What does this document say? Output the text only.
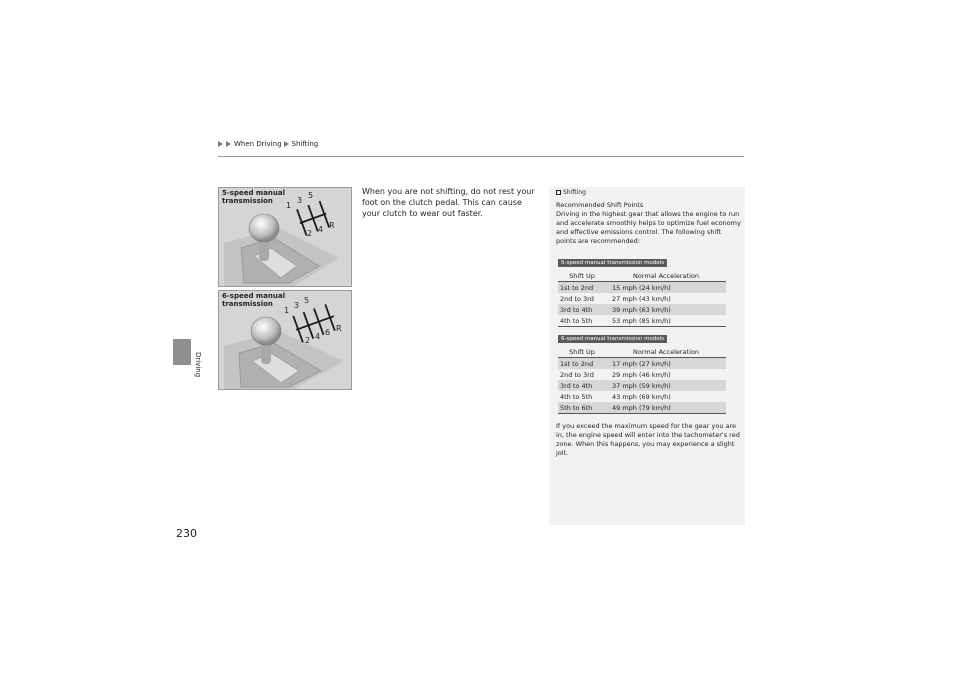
When Driving Shifting
Driving
230
1
3
5
2 4 R
5-speed manual
transmission
1
3
5
2 4 6 R
6-speed manual
transmission
When you are not shifting, do not rest your foot on the clutch pedal. This can cause your clutch to wear out faster.
Shifting
Recommended Shift Points
Driving in the highest gear that allows the engine to run and accelerate smoothly helps to optimize fuel economy and effective emissions control. The following shift points are recommended:
5-speed manual transmission models
Shift Up	Normal Acceleration
1st to 2nd	15 mph (24 km/h)
2nd to 3rd	27 mph (43 km/h)
3rd to 4th	39 mph (63 km/h)
4th to 5th	53 mph (85 km/h)
6-speed manual transmission models
Shift Up	Normal Acceleration
1st to 2nd	17 mph (27 km/h)
2nd to 3rd	29 mph (46 km/h)
3rd to 4th	37 mph (59 km/h)
4th to 5th	43 mph (69 km/h)
5th to 6th	49 mph (79 km/h)
If you exceed the maximum speed for the gear you are in, the engine speed will enter into the tachometer's red zone. When this happens, you may experience a slight jolt.
